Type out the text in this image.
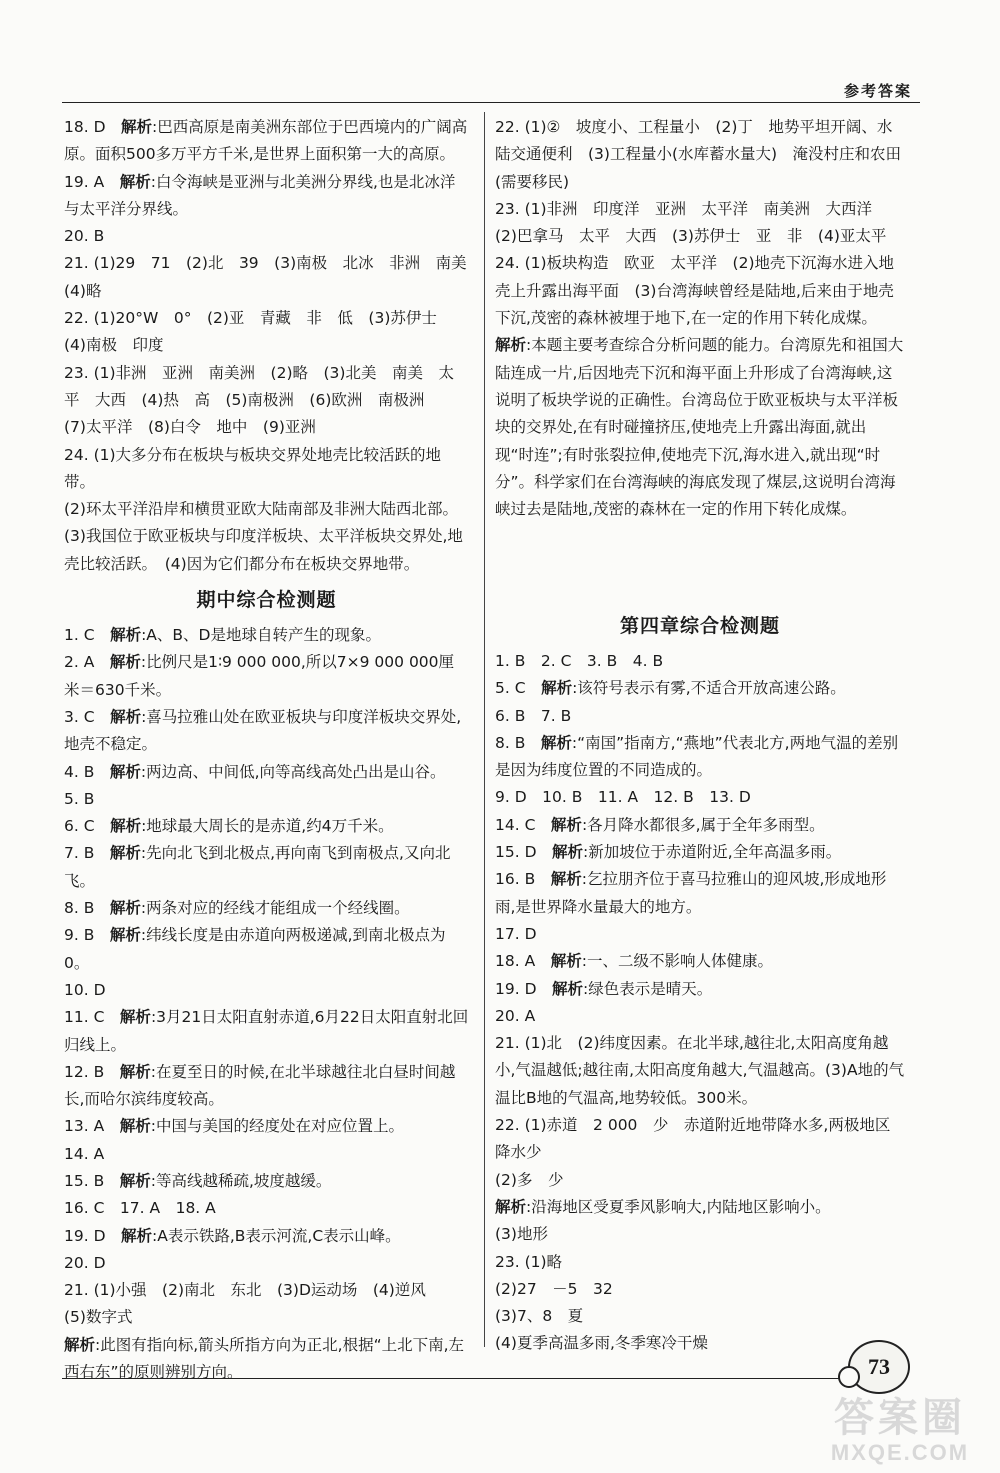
参考答案
18. D　 解析:巴西高原是南美洲东部位于巴西境内的广阔高原。面积500多万平方千米,是世界上面积第一大的高原。
19. A　 解析:白令海峡是亚洲与北美洲分界线,也是北冰洋与太平洋分界线。
20. B
21. (1)29　71　(2)北　39　(3)南极　北冰　非洲　南美
(4)略
22. (1)20°W　0°　(2)亚　青藏　非　低　(3)苏伊士
(4)南极　印度
23. (1)非洲　亚洲　南美洲　(2)略　(3)北美　南美　太平　大西　(4)热　高　(5)南极洲　(6)欧洲　南极洲
(7)太平洋　(8)白令　地中　(9)亚洲
24. (1)大多分布在板块与板块交界处地壳比较活跃的地带。
(2)环太平洋沿岸和横贯亚欧大陆南部及非洲大陆西北部。　(3)我国位于欧亚板块与印度洋板块、太平洋板块交界处,地壳比较活跃。　(4)因为它们都分布在板块交界地带。
期中综合检测题
1. C　 解析:A、B、D是地球自转产生的现象。
2. A　 解析:比例尺是1∶9 000 000,所以7×9 000 000厘米＝630千米。
3. C　 解析:喜马拉雅山处在欧亚板块与印度洋板块交界处,地壳不稳定。
4. B　 解析:两边高、中间低,向等高线高处凸出是山谷。
5. B
6. C　 解析:地球最大周长的是赤道,约4万千米。
7. B　 解析:先向北飞到北极点,再向南飞到南极点,又向北飞。
8. B　 解析:两条对应的经线才能组成一个经线圈。
9. B　 解析:纬线长度是由赤道向两极递减,到南北极点为0。
10. D
11. C　 解析:3月21日太阳直射赤道,6月22日太阳直射北回归线上。
12. B　 解析:在夏至日的时候,在北半球越往北白昼时间越长,而哈尔滨纬度较高。
13. A　 解析:中国与美国的经度处在对应位置上。
14. A
15. B　 解析:等高线越稀疏,坡度越缓。
16. C　17. A　18. A
19. D　 解析:A表示铁路,B表示河流,C表示山峰。
20. D
21. (1)小强　(2)南北　东北　(3)D运动场　(4)逆风
(5)数字式
解析:此图有指向标,箭头所指方向为正北,根据“上北下南,左西右东”的原则辨别方向。
22. (1)②　坡度小、工程量小　(2)丁　地势平坦开阔、水陆交通便利　(3)工程量小(水库蓄水量大)　淹没村庄和农田(需要移民)
23. (1)非洲　印度洋　亚洲　太平洋　南美洲　大西洋
(2)巴拿马　太平　大西　(3)苏伊士　亚　非　(4)亚太平
24. (1)板块构造　欧亚　太平洋　(2)地壳下沉海水进入地壳上升露出海平面　(3)台湾海峡曾经是陆地,后来由于地壳下沉,茂密的森林被埋于地下,在一定的作用下转化成煤。
解析:本题主要考查综合分析问题的能力。台湾原先和祖国大陆连成一片,后因地壳下沉和海平面上升形成了台湾海峡,这说明了板块学说的正确性。台湾岛位于欧亚板块与太平洋板块的交界处,在有时碰撞挤压,使地壳上升露出海面,就出现“时连”;有时张裂拉伸,使地壳下沉,海水进入,就出现“时分”。科学家们在台湾海峡的海底发现了煤层,这说明台湾海峡过去是陆地,茂密的森林在一定的作用下转化成煤。
第四章综合检测题
1. B　2. C　3. B　4. B
5. C　 解析:该符号表示有雾,不适合开放高速公路。
6. B　7. B
8. B　 解析:“南国”指南方,“燕地”代表北方,两地气温的差别是因为纬度位置的不同造成的。
9. D　10. B　11. A　12. B　13. D
14. C　 解析:各月降水都很多,属于全年多雨型。
15. D　 解析:新加坡位于赤道附近,全年高温多雨。
16. B　 解析:乞拉朋齐位于喜马拉雅山的迎风坡,形成地形雨,是世界降水量最大的地方。
17. D
18. A　 解析:一、二级不影响人体健康。
19. D　 解析:绿色表示是晴天。
20. A
21. (1)北　(2)纬度因素。在北半球,越往北,太阳高度角越小,气温越低;越往南,太阳高度角越大,气温越高。(3)A地的气温比B地的气温高,地势较低。300米。
22. (1)赤道　2 000　少　赤道附近地带降水多,两极地区降水少
(2)多　少　
解析:沿海地区受夏季风影响大,内陆地区影响小。
(3)地形
23. (1)略
(2)27　－5　32
(3)7、8　夏
(4)夏季高温多雨,冬季寒冷干燥
73
答案圈
MXQE.COM
